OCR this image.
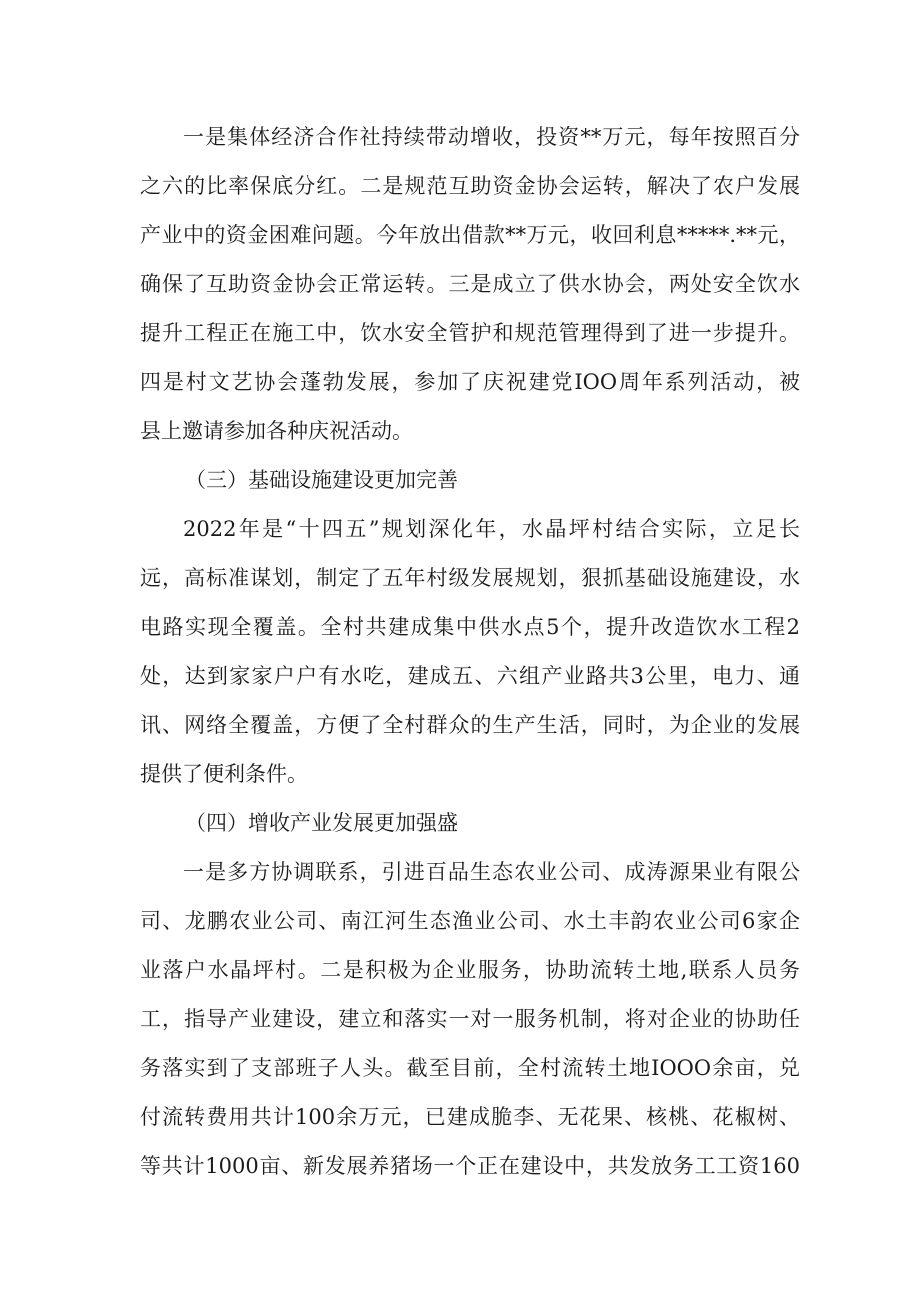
一是集体经济合作社持续带动增收，投资**万元，每年按照百分
之六的比率保底分红。二是规范互助资金协会运转，解决了农户发展
产业中的资金困难问题。今年放出借款**万元，收回利息*****.**元，
确保了互助资金协会正常运转。三是成立了供水协会，两处安全饮水
提升工程正在施工中，饮水安全管护和规范管理得到了进一步提升。
四是村文艺协会蓬勃发展，参加了庆祝建党IOO周年系列活动，被
县上邀请参加各种庆祝活动。
（三）基础设施建设更加完善
2022年是“十四五”规划深化年，水晶坪村结合实际，立足长
远，高标准谋划，制定了五年村级发展规划，狠抓基础设施建设，水
电路实现全覆盖。全村共建成集中供水点5个，提升改造饮水工程2
处，达到家家户户有水吃，建成五、六组产业路共3公里，电力、通
讯、网络全覆盖，方便了全村群众的生产生活，同时，为企业的发展
提供了便利条件。
（四）增收产业发展更加强盛
一是多方协调联系，引进百品生态农业公司、成涛源果业有限公
司、龙鹏农业公司、南江河生态渔业公司、水土丰韵农业公司6家企
业落户水晶坪村。二是积极为企业服务，协助流转土地,联系人员务
工，指导产业建设，建立和落实一对一服务机制，将对企业的协助任
务落实到了支部班子人头。截至目前，全村流转土地IOOO余亩，兑
付流转费用共计100余万元，已建成脆李、无花果、核桃、花椒树、
等共计1000亩、新发展养猪场一个正在建设中，共发放务工工资160
